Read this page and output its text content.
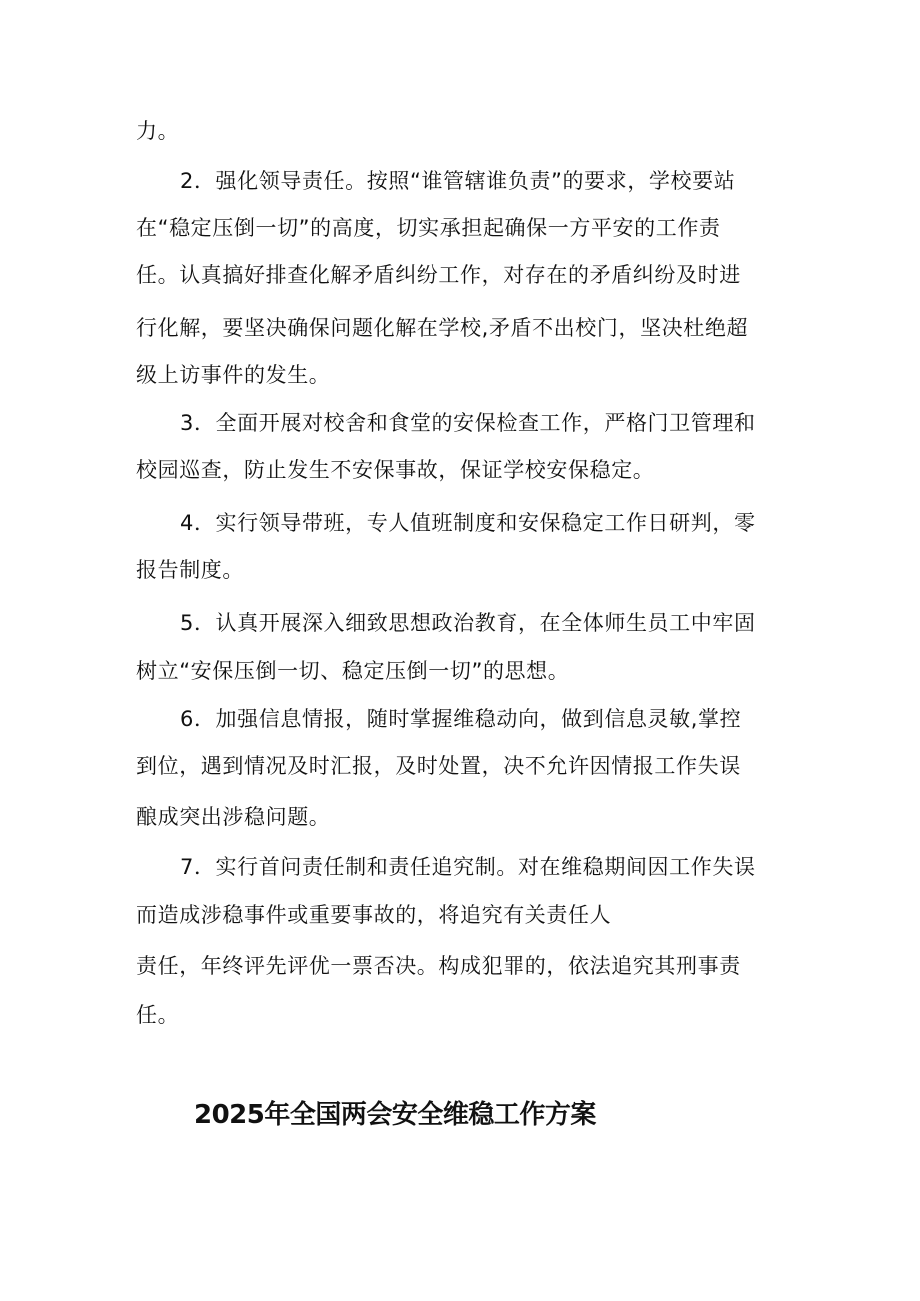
力。
2．强化领导责任。按照“谁管辖谁负责”的要求，学校要站
在“稳定压倒一切”的高度，切实承担起确保一方平安的工作责
任。认真搞好排查化解矛盾纠纷工作，对存在的矛盾纠纷及时进
行化解，要坚决确保问题化解在学校,矛盾不出校门，坚决杜绝超
级上访事件的发生。
3．全面开展对校舍和食堂的安保检查工作，严格门卫管理和
校园巡查，防止发生不安保事故，保证学校安保稳定。
4．实行领导带班，专人值班制度和安保稳定工作日研判，零
报告制度。
5．认真开展深入细致思想政治教育，在全体师生员工中牢固
树立“安保压倒一切、稳定压倒一切”的思想。
6．加强信息情报，随时掌握维稳动向，做到信息灵敏,掌控
到位，遇到情况及时汇报，及时处置，决不允许因情报工作失误
酿成突出涉稳问题。
7．实行首问责任制和责任追究制。对在维稳期间因工作失误
而造成涉稳事件或重要事故的，将追究有关责任人
责任，年终评先评优一票否决。构成犯罪的，依法追究其刑事责
任。
2025年全国两会安全维稳工作方案
